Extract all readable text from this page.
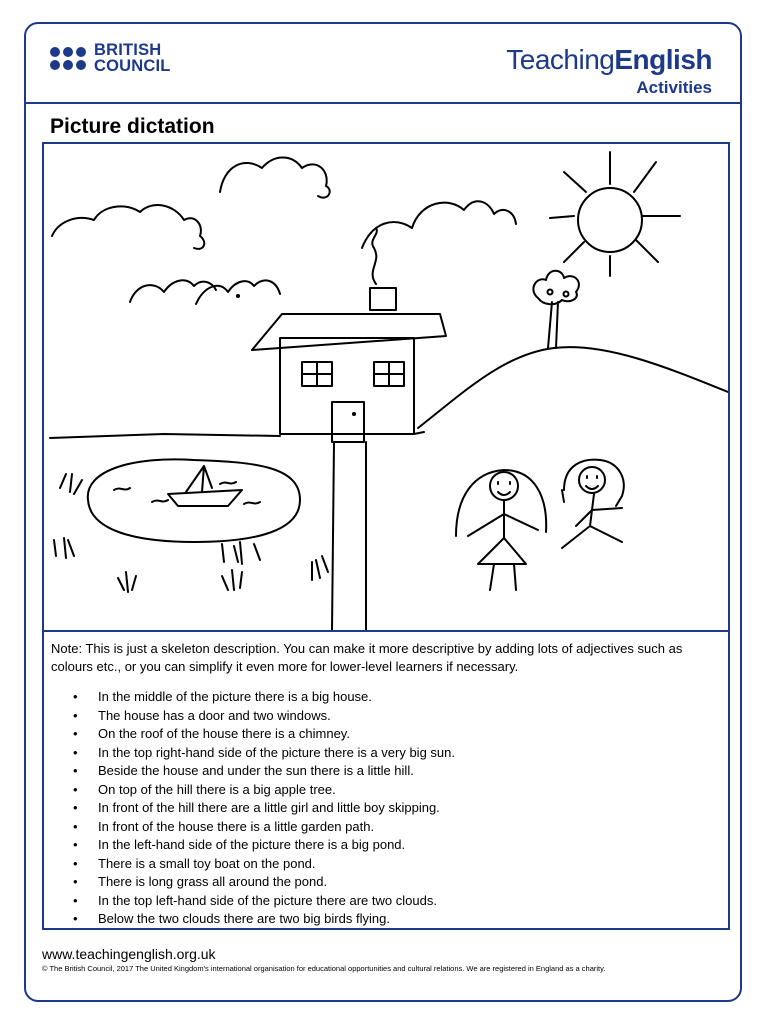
BRITISH
COUNCIL	TeachingEnglish
Activities
Picture dictation

Note: This is just a skeleton description. You can make it more descriptive by adding lots of adjectives such as colours etc., or you can simplify it even more for lower-level learners if necessary.

• In the middle of the picture there is a big house.
• The house has a door and two windows.
• On the roof of the house there is a chimney.
• In the top right-hand side of the picture there is a very big sun.
• Beside the house and under the sun there is a little hill.
• On top of the hill there is a big apple tree.
• In front of the hill there are a little girl and little boy skipping.
• In front of the house there is a little garden path.
• In the left-hand side of the picture there is a big pond.
• There is a small toy boat on the pond.
• There is long grass all around the pond.
• In the top left-hand side of the picture there are two clouds.
• Below the two clouds there are two big birds flying.
www.teachingenglish.org.uk
© The British Council, 2017 The United Kingdom's international organisation for educational opportunities and cultural relations. We are registered in England as a charity.
